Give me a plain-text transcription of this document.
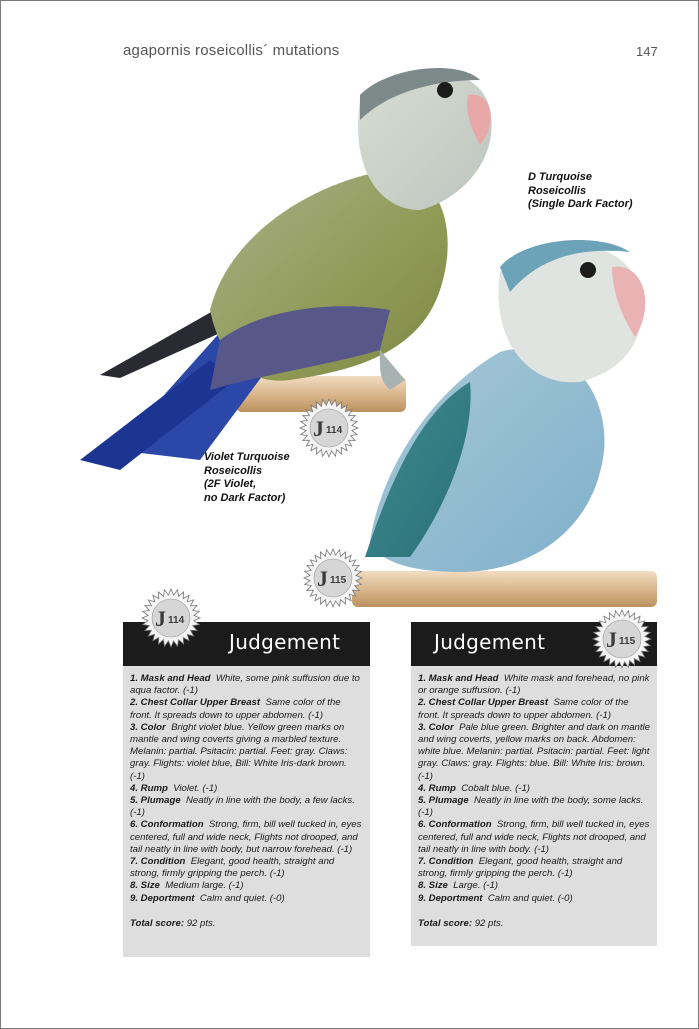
agapornis roseicollis´ mutations	147
D Turquoise
Roseicollis
(Single Dark Factor)
Violet Turquoise
Roseicollis
(2F Violet,
no Dark Factor)
Judgement
1. Mask and Head White, some pink suffusion due to aqua factor. (-1)
2. Chest Collar Upper Breast Same color of the front. It spreads down to upper abdomen. (-1)
3. Color Bright violet blue. Yellow green marks on mantle and wing coverts giving a marbled texture. Melanin: partial. Psitacin: partial. Feet: gray. Claws: gray. Flights: violet blue, Bill: White Iris-dark brown. (-1)
4. Rump Violet. (-1)
5. Plumage Neatly in line with the body, a few lacks. (-1)
6. Conformation Strong, firm, bill well tucked in, eyes centered, full and wide neck, Flights not drooped, and tail neatly in line with body, but narrow forehead. (-1)
7. Condition Elegant, good health, straight and strong, firmly gripping the perch. (-1)
8. Size Medium large. (-1)
9. Deportment Calm and quiet. (-0)
Total score: 92 pts.
Judgement
1. Mask and Head White mask and forehead, no pink or orange suffusion. (-1)
2. Chest Collar Upper Breast Same color of the front. It spreads down to upper abdomen. (-1)
3. Color Pale blue green. Brighter and dark on mantle and wing coverts, yellow marks on back. Abdomen: white blue. Melanin: partial. Psitacin: partial. Feet: light gray. Claws: gray. Flights: blue. Bill: White Iris: brown. (-1)
4. Rump Cobalt blue. (-1)
5. Plumage Neatly in line with the body, some lacks. (-1)
6. Conformation Strong, firm, bill well tucked in, eyes centered, full and wide neck, Flights not drooped, and tail neatly in line with body. (-1)
7. Condition Elegant, good health, straight and strong, firmly gripping the perch. (-1)
8. Size Large. (-1)
9. Deportment Calm and quiet. (-0)
Total score: 92 pts.
J 114
J 115
J 114
J 115
